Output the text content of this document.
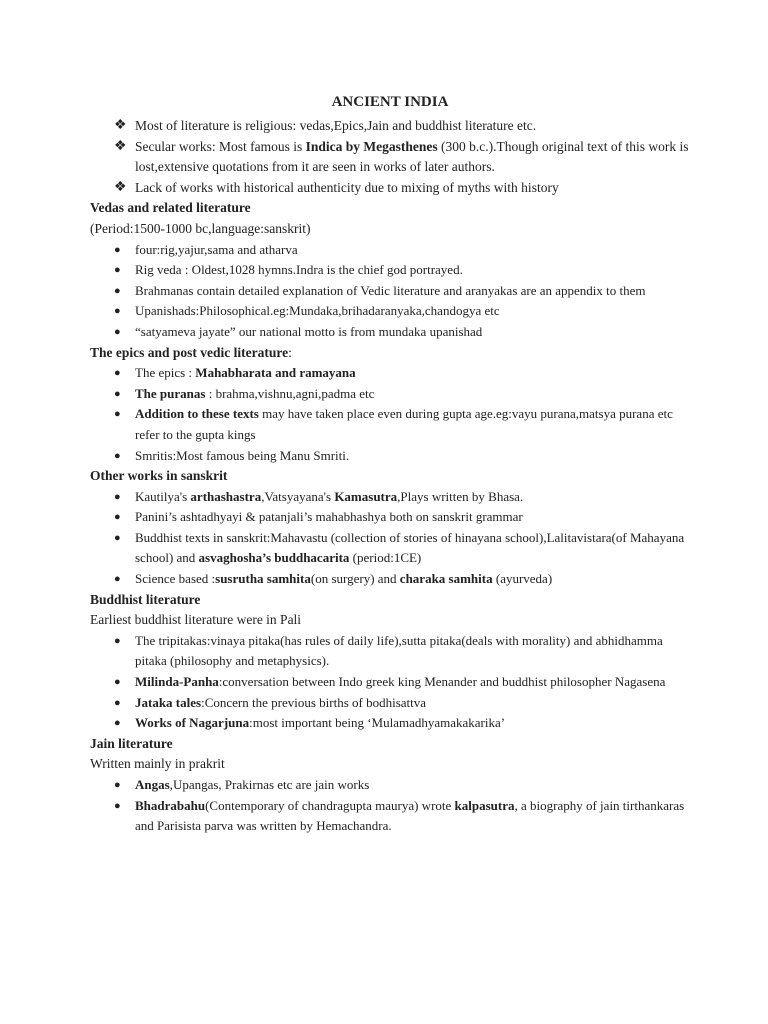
ANCIENT INDIA
❖ Most of literature is religious: vedas,Epics,Jain and buddhist literature etc.
❖ Secular works: Most famous is Indica by Megasthenes (300 b.c.).Though original text of this work is lost,extensive quotations from it are seen in works of later authors.
❖ Lack of works with historical authenticity due to mixing of myths with history
Vedas and related literature
(Period:1500-1000 bc,language:sanskrit)
● four:rig,yajur,sama and atharva
● Rig veda : Oldest,1028 hymns.Indra is the chief god portrayed.
● Brahmanas contain detailed explanation of Vedic literature and aranyakas are an appendix to them
● Upanishads:Philosophical.eg:Mundaka,brihadaranyaka,chandogya etc
● “satyameva jayate” our national motto is from mundaka upanishad
The epics and post vedic literature:
● The epics : Mahabharata and ramayana
● The puranas : brahma,vishnu,agni,padma etc
● Addition to these texts may have taken place even during gupta age.eg:vayu purana,matsya purana etc refer to the gupta kings
● Smritis:Most famous being Manu Smriti.
Other works in sanskrit
● Kautilya's arthashastra,Vatsyayana's Kamasutra,Plays written by Bhasa.
● Panini’s ashtadhyayi & patanjali’s mahabhashya both on sanskrit grammar
● Buddhist texts in sanskrit:Mahavastu (collection of stories of hinayana school),Lalitavistara(of Mahayana school) and asvaghosha’s buddhacarita (period:1CE)
● Science based :susrutha samhita(on surgery) and charaka samhita (ayurveda)
Buddhist literature
Earliest buddhist literature were in Pali
● The tripitakas:vinaya pitaka(has rules of daily life),sutta pitaka(deals with morality) and abhidhamma pitaka (philosophy and metaphysics).
● Milinda-Panha:conversation between Indo greek king Menander and buddhist philosopher Nagasena
● Jataka tales:Concern the previous births of bodhisattva
● Works of Nagarjuna:most important being ‘Mulamadhyamakakarika’
Jain literature
Written mainly in prakrit
● Angas,Upangas, Prakirnas etc are jain works
● Bhadrabahu(Contemporary of chandragupta maurya) wrote kalpasutra, a biography of jain tirthankaras and Parisista parva was written by Hemachandra.
